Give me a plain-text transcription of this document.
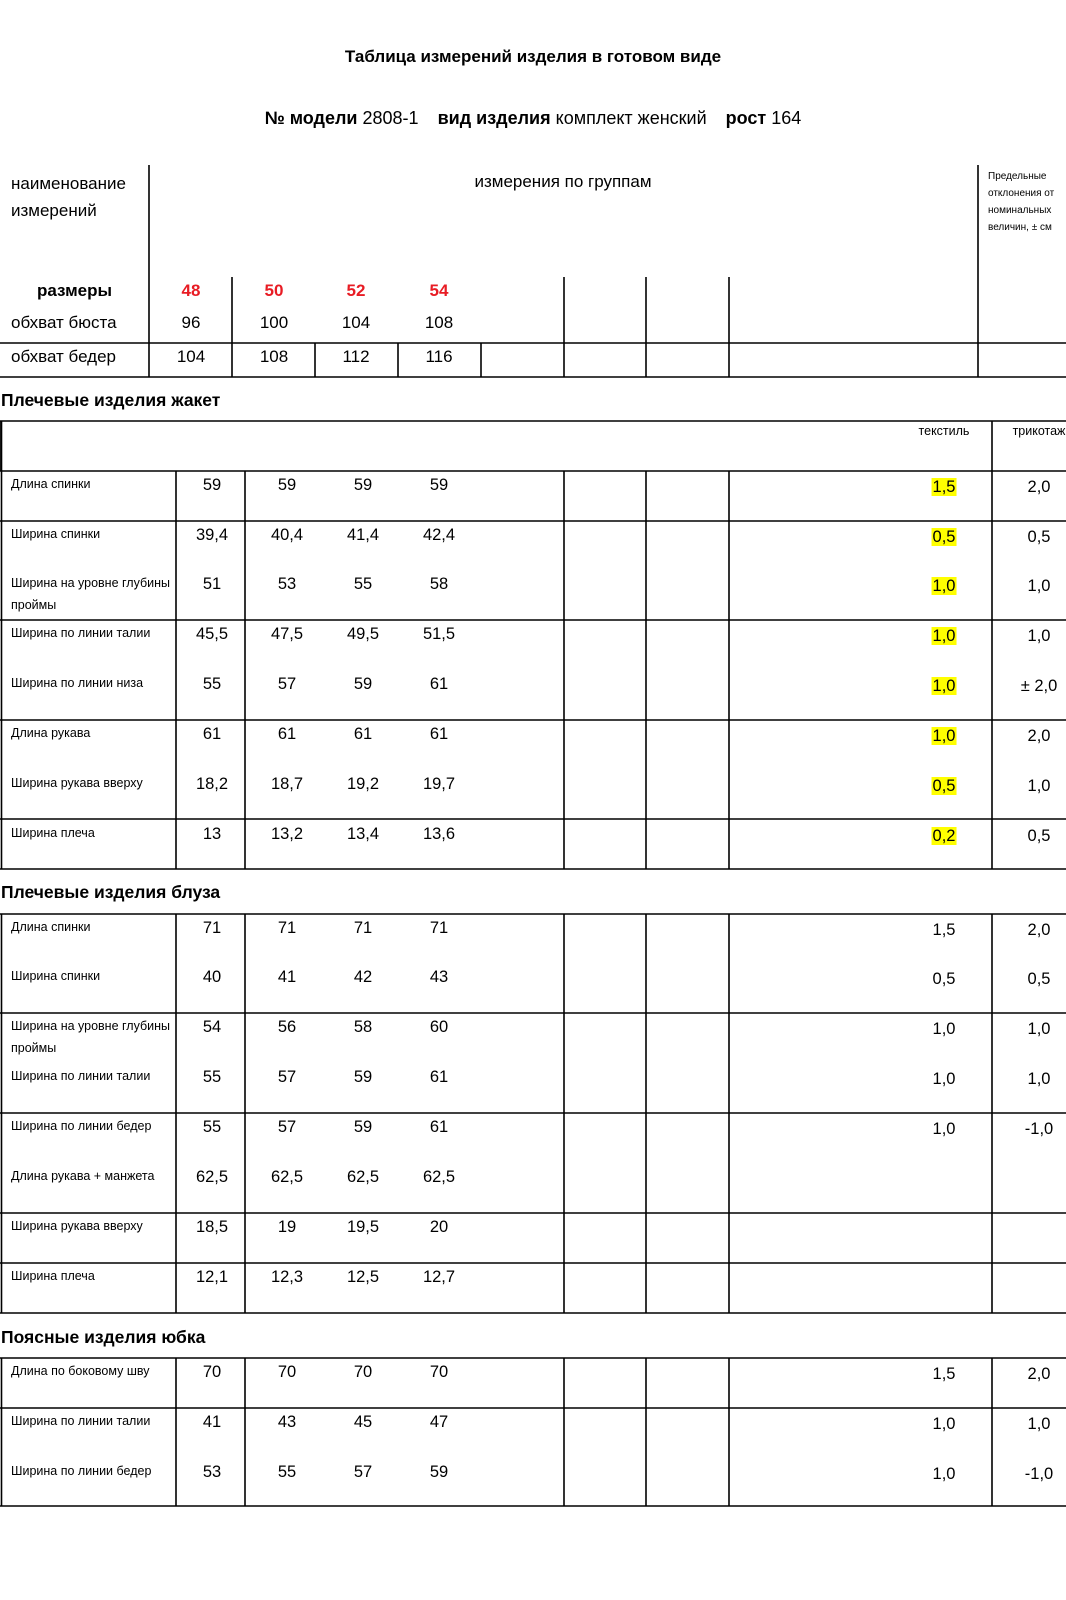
Таблица измерений изделия в готовом виде
№ модели 2808-1 вид изделия комплект женский рост 164
наименование измерений
измерения по группам	Предельные отклонения от номинальных величин, ± см
размеры	48	50	52	54
обхват бюста	96	100	104	108
обхват бедер	104	108	112	116
Плечевые изделия жакет
текстиль	трикотаж
Длина спинки	59	59	59	59	1,5	2,0
Ширина спинки	39,4	40,4	41,4	42,4	0,5	0,5
Ширина на уровне глубины проймы
51	53	55	58	1,0	1,0
Ширина по линии талии	45,5	47,5	49,5	51,5	1,0	1,0
Ширина по линии низа	55	57	59	61	1,0	± 2,0
Длина рукава	61	61	61	61	1,0	2,0
Ширина рукава вверху	18,2	18,7	19,2	19,7	0,5	1,0
Ширина плеча	13	13,2	13,4	13,6	0,2	0,5
Плечевые изделия блуза
Длина спинки	71	71	71	71	1,5	2,0
Ширина спинки	40	41	42	43	0,5	0,5
Ширина на уровне глубины проймы
54	56	58	60	1,0	1,0
Ширина по линии талии	55	57	59	61	1,0	1,0
Ширина по линии бедер	55	57	59	61	1,0	-1,0
Длина рукава + манжета	62,5	62,5	62,5	62,5
Ширина рукава вверху	18,5	19	19,5	20
Ширина плеча	12,1	12,3	12,5	12,7
Поясные изделия юбка
Длина по боковому шву	70	70	70	70	1,5	2,0
Ширина по линии талии	41	43	45	47	1,0	1,0
Ширина по линии бедер	53	55	57	59	1,0	-1,0
